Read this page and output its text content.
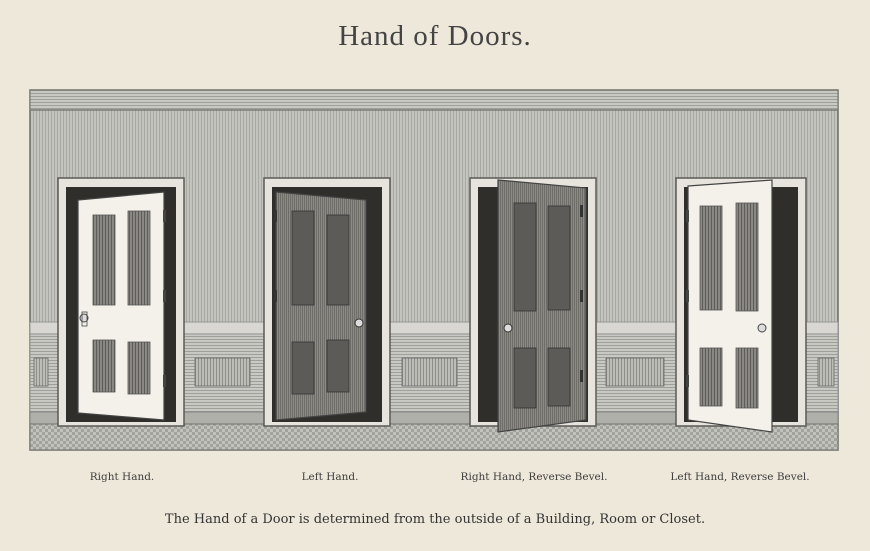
Hand of Doors.
Right Hand.	Left Hand.	Right Hand, Reverse Bevel.	Left Hand, Reverse Bevel.
The Hand of a Door is determined from the outside of a Building, Room or Closet.
